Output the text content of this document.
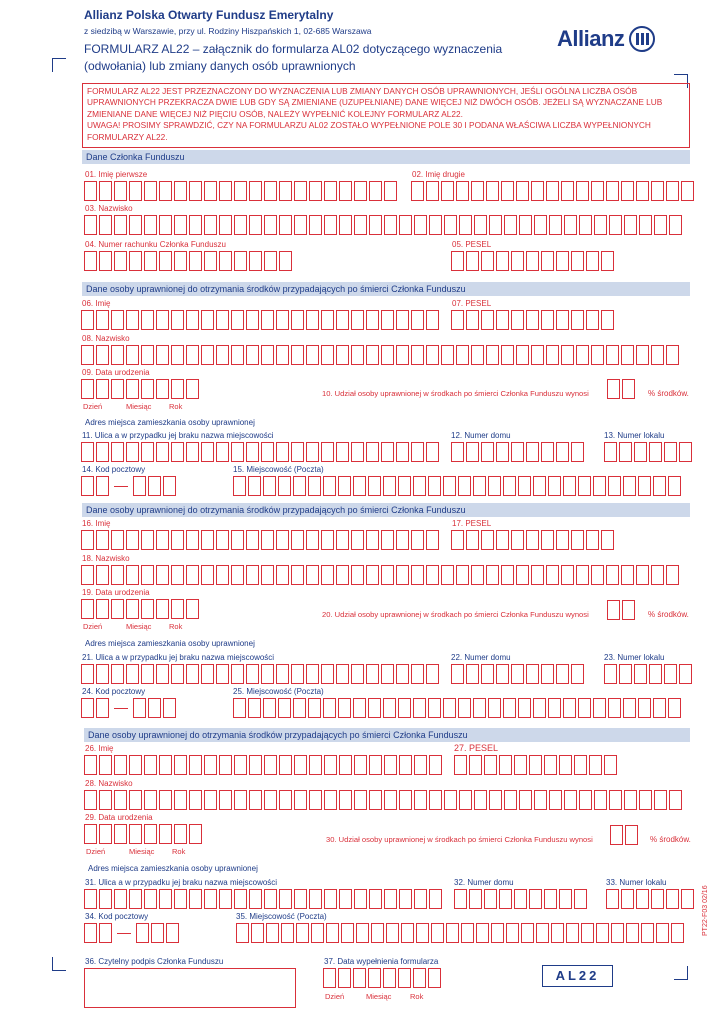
Allianz Polska Otwarty Fundusz Emerytalny
z siedzibą w Warszawie, przy ul. Rodziny Hiszpańskich 1, 02-685 Warszawa
FORMULARZ AL22 – załącznik do formularza AL02 dotyczącego wyznaczenia
(odwołania) lub zmiany danych osób uprawnionych
Allianz
FORMULARZ AL22 JEST PRZEZNACZONY DO WYZNACZENIA LUB ZMIANY DANYCH OSÓB UPRAWNIONYCH, JEŚLI OGÓLNA LICZBA OSÓB UPRAWNIONYCH PRZEKRACZA DWIE LUB GDY SĄ ZMIENIANE (UZUPEŁNIANE) DANE WIĘCEJ NIŻ DWÓCH OSÓB. JEŻELI SĄ WYZNACZANE LUB ZMIENIANE DANE WIĘCEJ NIŻ PIĘCIU OSÓB, NALEŻY WYPEŁNIĆ KOLEJNY FORMULARZ AL22.
UWAGA! PROSIMY SPRAWDZIĆ, CZY NA FORMULARZU AL02 ZOSTAŁO WYPEŁNIONE POLE 30 I PODANA WŁAŚCIWA LICZBA WYPEŁNIONYCH FORMULARZY AL22.
Dane Członka Funduszu
01. Imię pierwsze	02. Imię drugie
03. Nazwisko
04. Numer rachunku Członka Funduszu	05. PESEL
Dane osoby uprawnionej do otrzymania środków przypadających po śmierci Członka Funduszu
06. Imię	07. PESEL
08. Nazwisko
09. Data urodzenia
Dzień	Miesiąc Rok
10. Udział osoby uprawnionej w środkach po śmierci Członka Funduszu wynosi	% środków.
Adres miejsca zamieszkania osoby uprawnionej
11. Ulica a w przypadku jej braku nazwa miejscowości	12. Numer domu	13. Numer lokalu
14. Kod pocztowy	15. Miejscowość (Poczta)
Dane osoby uprawnionej do otrzymania środków przypadających po śmierci Członka Funduszu
16. Imię	17. PESEL
18. Nazwisko
19. Data urodzenia
Dzień	Miesiąc Rok
20. Udział osoby uprawnionej w środkach po śmierci Członka Funduszu wynosi	% środków.
Adres miejsca zamieszkania osoby uprawnionej
21. Ulica a w przypadku jej braku nazwa miejscowości	22. Numer domu	23. Numer lokalu
24. Kod pocztowy	25. Miejscowość (Poczta)
Dane osoby uprawnionej do otrzymania środków przypadających po śmierci Członka Funduszu
26. Imię	27. PESEL
28. Nazwisko
29. Data urodzenia
Dzień	Miesiąc Rok
30. Udział osoby uprawnionej w środkach po śmierci Członka Funduszu wynosi	% środków.
Adres miejsca zamieszkania osoby uprawnionej
31. Ulica a w przypadku jej braku nazwa miejscowości	32. Numer domu	33. Numer lokalu
34. Kod pocztowy	35. Miejscowość (Poczta)	PT22-F03 02/16
36. Czytelny podpis Członka Funduszu	37. Data wypełnienia formularza
Dzień	Miesiąc Rok
AL22
